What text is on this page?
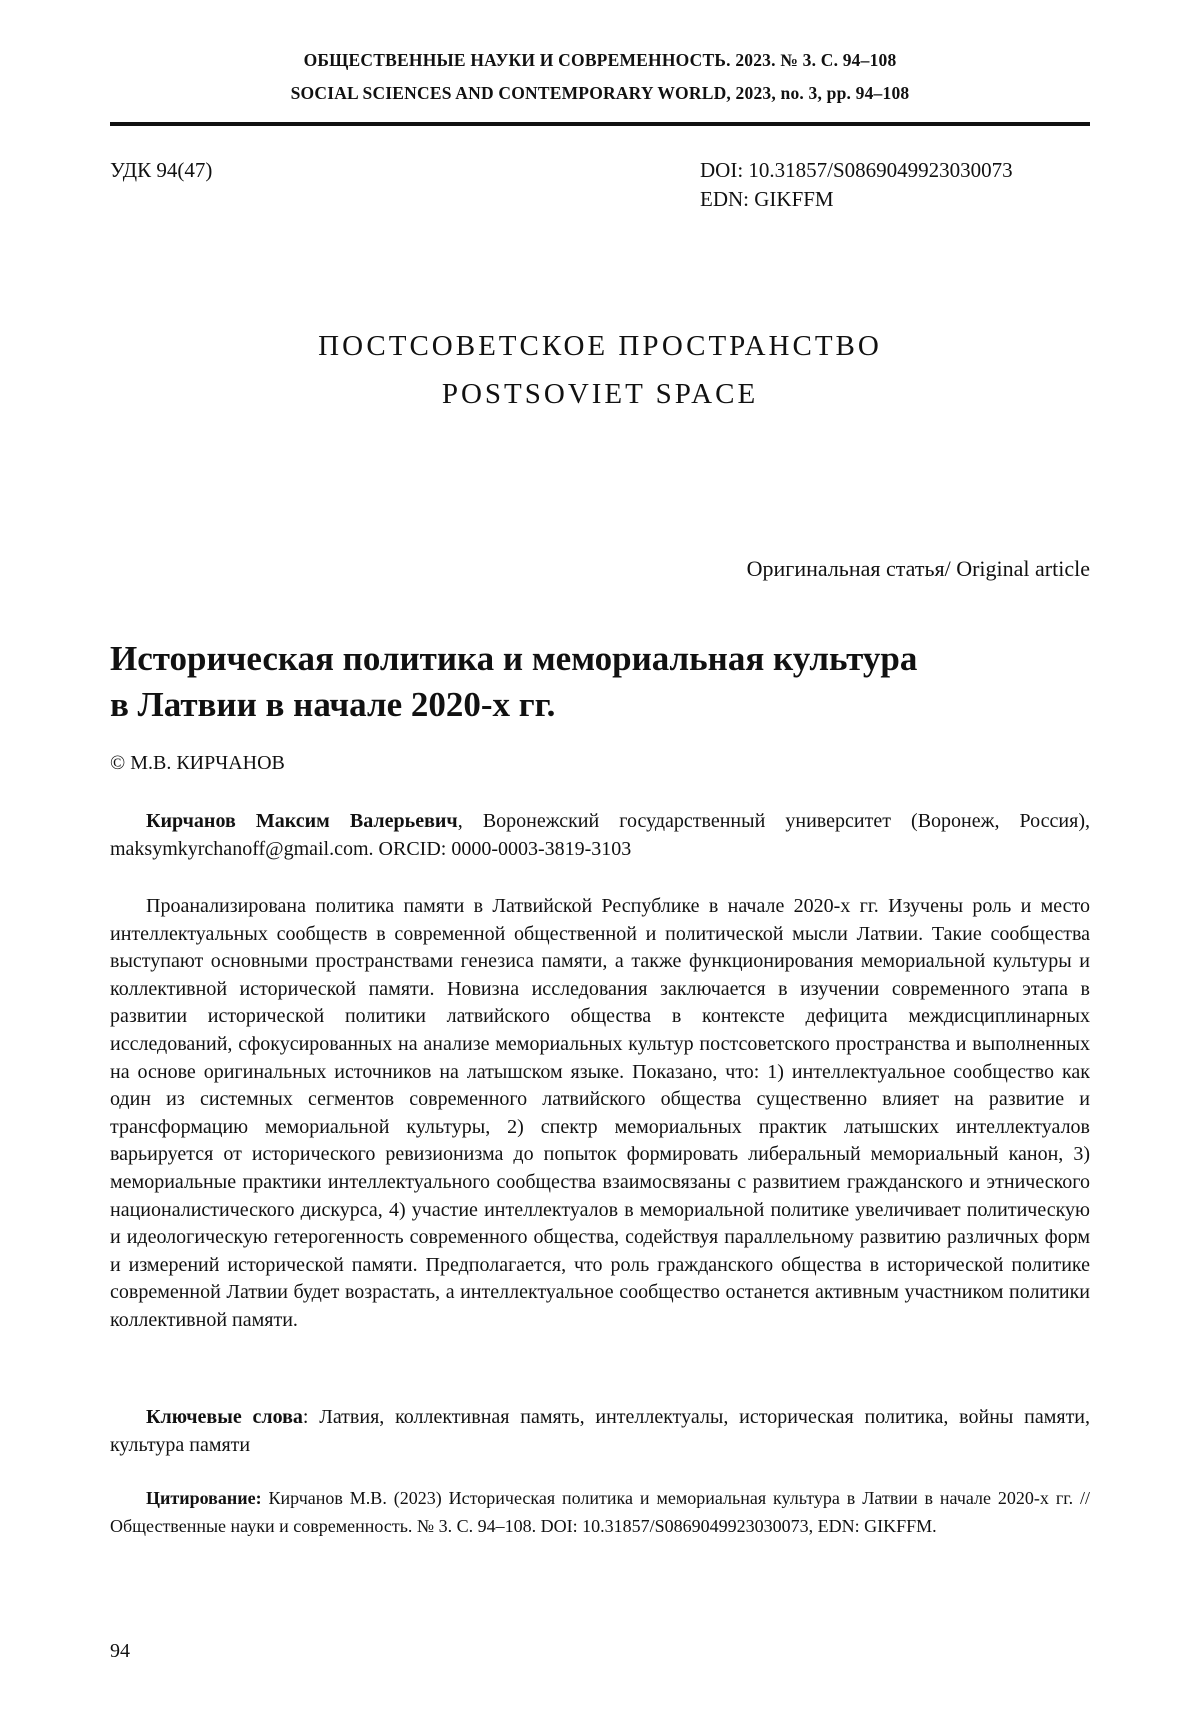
ОБЩЕСТВЕННЫЕ НАУКИ И СОВРЕМЕННОСТЬ. 2023. № 3. С. 94–108
SOCIAL SCIENCES AND CONTEMPORARY WORLD, 2023, no. 3, pp. 94–108
УДК 94(47)	DOI: 10.31857/S0869049923030073
EDN: GIKFFM
ПОСТСОВЕТСКОЕ ПРОСТРАНСТВО
POSTSOVIET SPACE
Оригинальная статья/ Original article
Историческая политика и мемориальная культура
в Латвии в начале 2020-х гг.
© М.В. КИРЧАНОВ

Кирчанов Максим Валерьевич, Воронежский государственный университет (Воронеж, Россия), maksymkyrchanoff@gmail.com. ORCID: 0000-0003-3819-3103

Проанализирована политика памяти в Латвийской Республике в начале 2020-х гг. Изучены роль и место интеллектуальных сообществ в современной общественной и политической мысли Латвии. Такие сообщества выступают основными пространствами генезиса памяти, а также функционирования мемориальной культуры и коллективной исторической памяти. Новизна исследования заключается в изучении современного этапа в развитии исторической политики латвийского общества в контексте дефицита междисциплинарных исследований, сфокусированных на анализе мемориальных культур постсоветского пространства и выполненных на основе оригинальных источников на латышском языке. Показано, что: 1) интеллектуальное сообщество как один из системных сегментов современного латвийского общества существенно влияет на развитие и трансформацию мемориальной культуры, 2) спектр мемориальных практик латышских интеллектуалов варьируется от исторического ревизионизма до попыток формировать либеральный мемориальный канон, 3) мемориальные практики интеллектуального сообщества взаимосвязаны с развитием гражданского и этнического националистического дискурса, 4) участие интеллектуалов в мемориальной политике увеличивает политическую и идеологическую гетерогенность современного общества, содействуя параллельному развитию различных форм и измерений исторической памяти. Предполагается, что роль гражданского общества в исторической политике современной Латвии будет возрастать, а интеллектуальное сообщество останется активным участником политики коллективной памяти.

Ключевые слова: Латвия, коллективная память, интеллектуалы, историческая политика, войны памяти, культура памяти

Цитирование: Кирчанов М.В. (2023) Историческая политика и мемориальная культура в Латвии в начале 2020-х гг. // Общественные науки и современность. № 3. С. 94–108. DOI: 10.31857/S0869049923030073, EDN: GIKFFM.

94
